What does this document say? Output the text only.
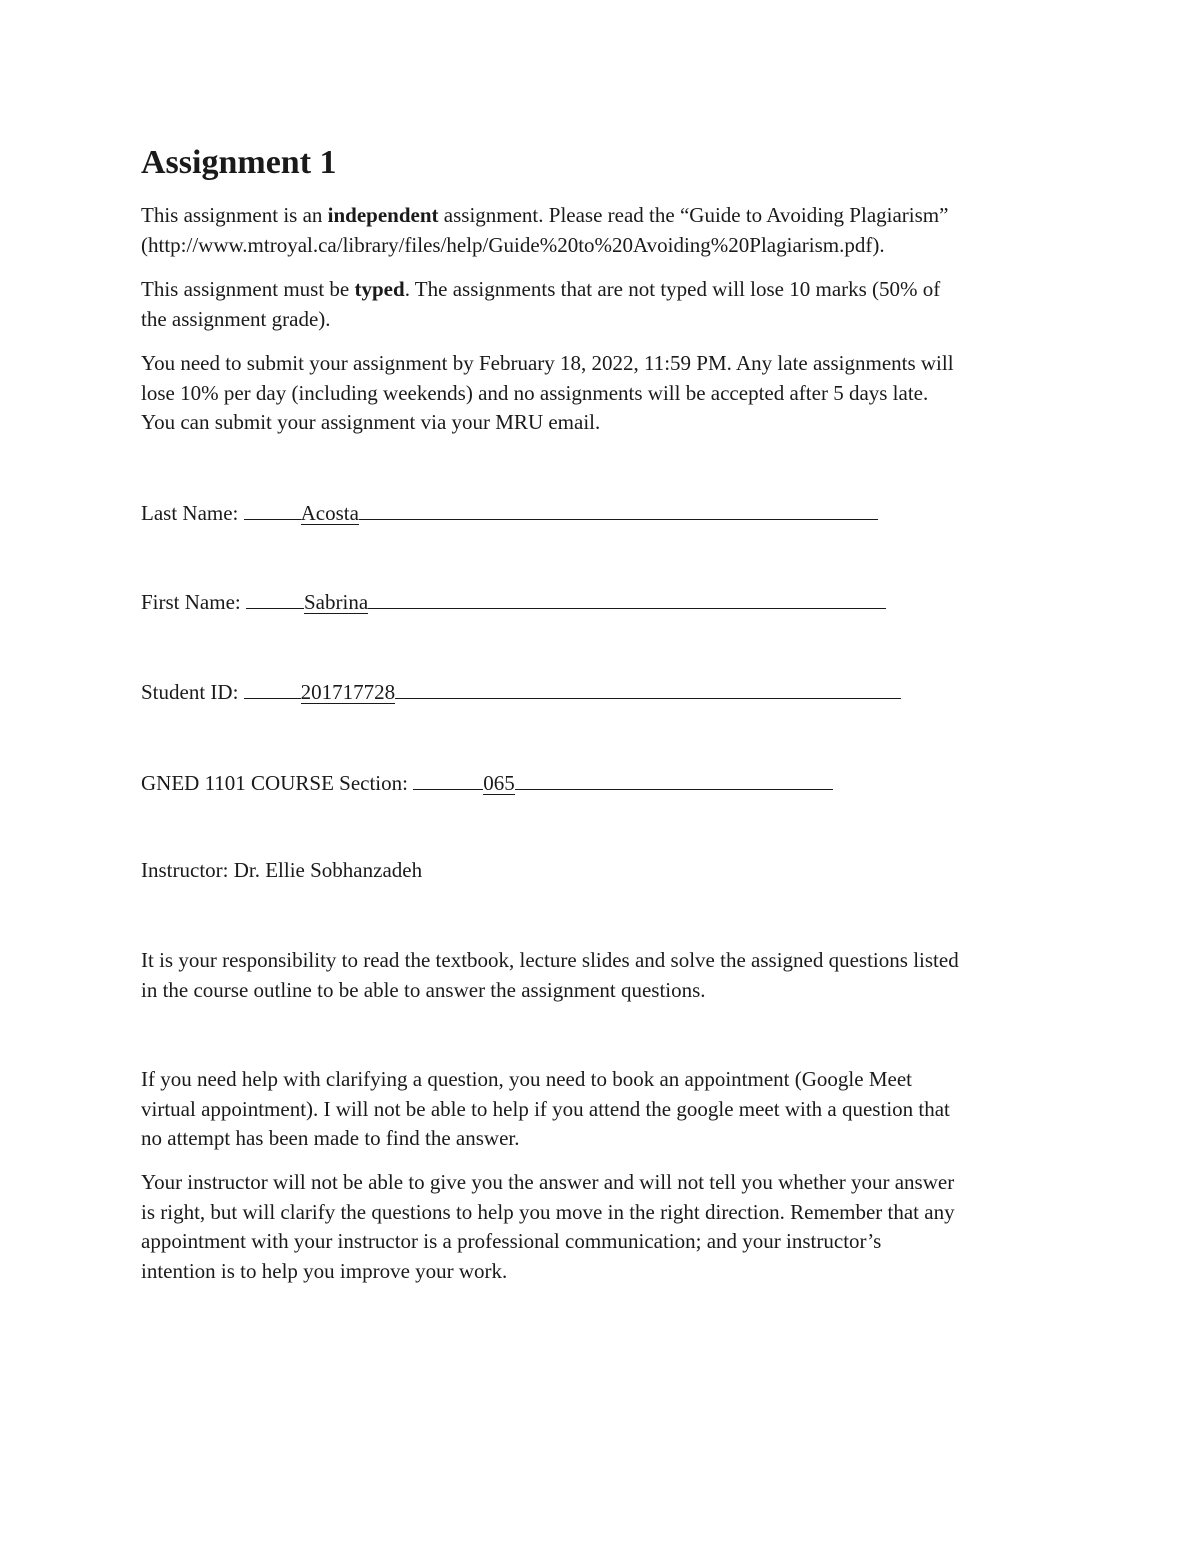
Assignment 1

This assignment is an independent assignment. Please read the “Guide to Avoiding Plagiarism”
(http://www.mtroyal.ca/library/files/help/Guide%20to%20Avoiding%20Plagiarism.pdf).

This assignment must be typed. The assignments that are not typed will lose 10 marks (50% of
the assignment grade).

You need to submit your assignment by February 18, 2022, 11:59 PM. Any late assignments will
lose 10% per day (including weekends) and no assignments will be accepted after 5 days late.
You can submit your assignment via your MRU email.

Last Name:	Acosta
First Name:	Sabrina
Student ID:	201717728
GNED 1101 COURSE Section:	065
Instructor: Dr. Ellie Sobhanzadeh

It is your responsibility to read the textbook, lecture slides and solve the assigned questions listed
in the course outline to be able to answer the assignment questions.

If you need help with clarifying a question, you need to book an appointment (Google Meet
virtual appointment). I will not be able to help if you attend the google meet with a question that
no attempt has been made to find the answer.

Your instructor will not be able to give you the answer and will not tell you whether your answer
is right, but will clarify the questions to help you move in the right direction. Remember that any
appointment with your instructor is a professional communication; and your instructor’s
intention is to help you improve your work.
